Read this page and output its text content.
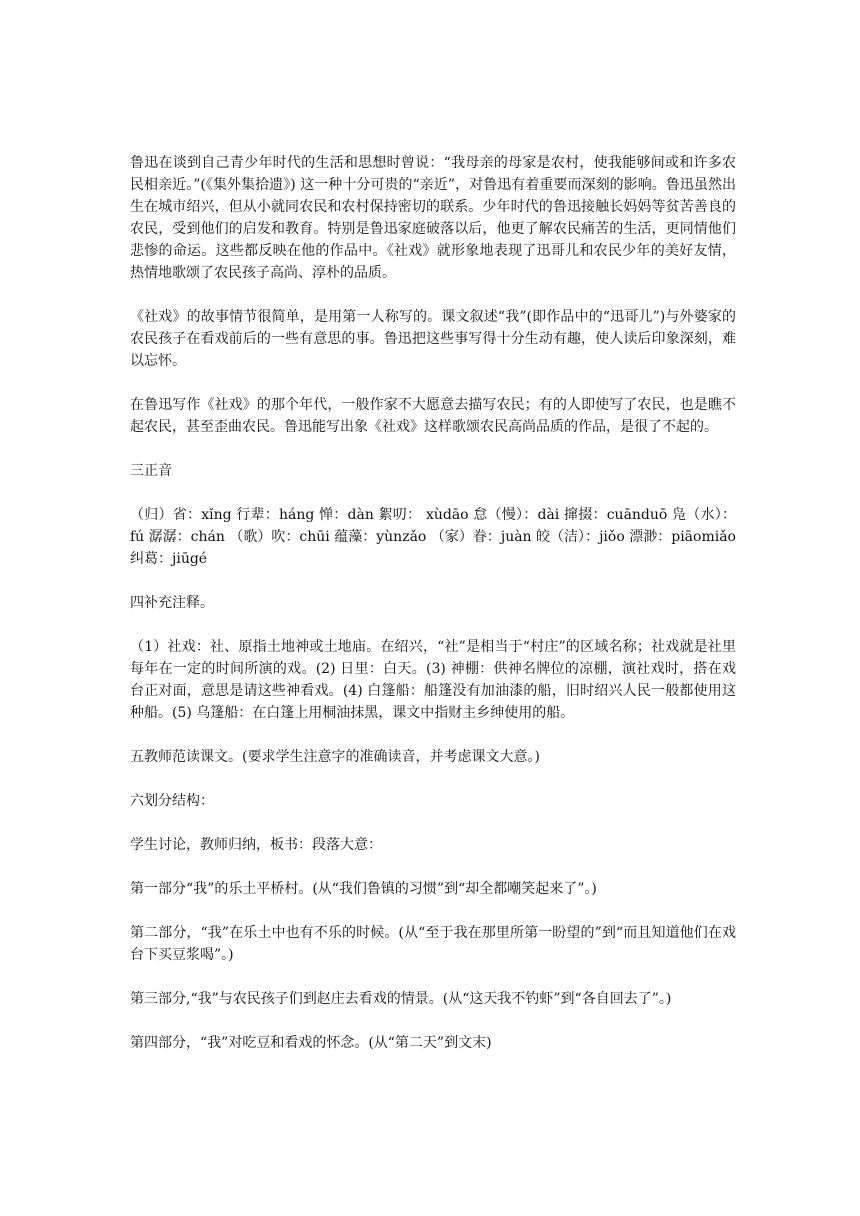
鲁迅在谈到自己青少年时代的生活和思想时曾说：“我母亲的母家是农村，使我能够间或和许多农民相亲近。”(《集外集拾遗》) 这一种十分可贵的“亲近”，对鲁迅有着重要而深刻的影响。鲁迅虽然出生在城市绍兴，但从小就同农民和农村保持密切的联系。少年时代的鲁迅接触长妈妈等贫苦善良的农民，受到他们的启发和教育。特别是鲁迅家庭破落以后，他更了解农民痛苦的生活，更同情他们悲惨的命运。这些都反映在他的作品中。《社戏》就形象地表现了迅哥儿和农民少年的美好友情，热情地歌颂了农民孩子高尚、淳朴的品质。

《社戏》的故事情节很简单，是用第一人称写的。课文叙述“我”(即作品中的“迅哥儿”)与外婆家的农民孩子在看戏前后的一些有意思的事。鲁迅把这些事写得十分生动有趣，使人读后印象深刻，难以忘怀。

在鲁迅写作《社戏》的那个年代，一般作家不大愿意去描写农民；有的人即使写了农民，也是瞧不起农民，甚至歪曲农民。鲁迅能写出象《社戏》这样歌颂农民高尚品质的作品，是很了不起的。

三正音

（归）省：xǐng 行辈：háng 惮：dàn 絮叨： xùdāo 怠（慢）：dài 撺掇：cuānduō 凫（水）：fú 潺潺：chán （歌）吹：chūi 蕴藻：yùnzǎo （家）眷：juàn 皎（洁）：jiǒo 漂渺：piāomiǎo 纠葛：jiūgé

四补充注释。

（1）社戏：社、原指土地神或土地庙。在绍兴，“社”是相当于“村庄”的区域名称；社戏就是社里每年在一定的时间所演的戏。(2) 日里：白天。(3) 神棚：供神名牌位的凉棚，演社戏时，搭在戏台正对面，意思是请这些神看戏。(4) 白篷船：船篷没有加油漆的船，旧时绍兴人民一般都使用这种船。(5) 乌篷船：在白篷上用桐油抹黑，课文中指财主乡绅使用的船。

五教师范读课文。(要求学生注意字的准确读音，并考虑课文大意。)

六划分结构：

学生讨论，教师归纳，板书：段落大意：

第一部分“我”的乐土平桥村。(从“我们鲁镇的习惯”到“却全都嘲笑起来了”。)

第二部分，“我”在乐土中也有不乐的时候。(从“至于我在那里所第一盼望的”到“而且知道他们在戏台下买豆浆喝”。)

第三部分,“我”与农民孩子们到赵庄去看戏的情景。(从“这天我不钓虾”到“各自回去了”。)

第四部分，“我”对吃豆和看戏的怀念。(从“第二天”到文末)
